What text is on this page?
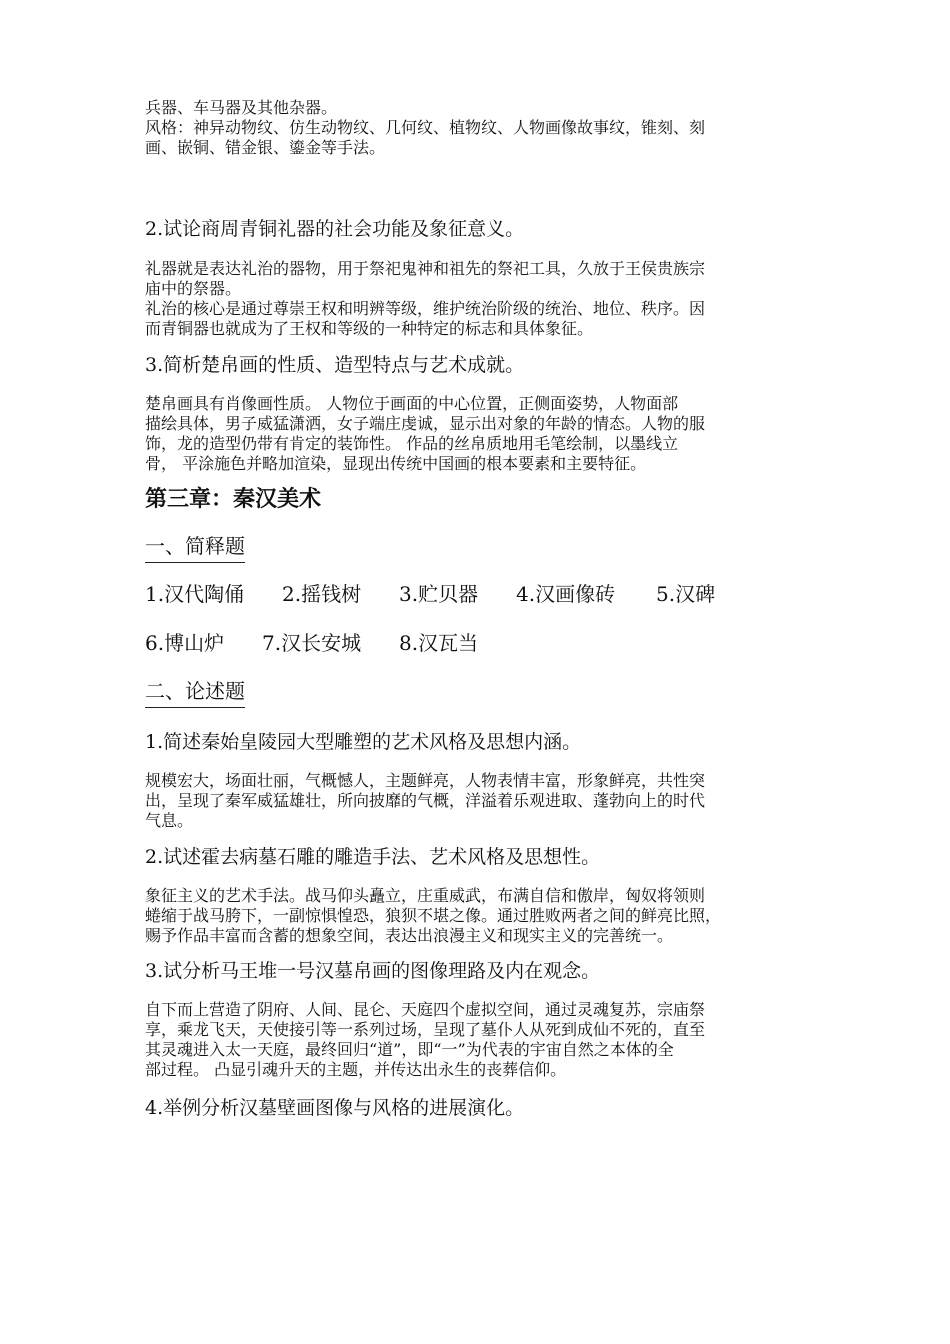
兵器、车马器及其他杂器。
风格：神异动物纹、仿生动物纹、几何纹、植物纹、人物画像故事纹，锥刻、刻
画、嵌铜、错金银、鎏金等手法。

2.试论商周青铜礼器的社会功能及象征意义。

礼器就是表达礼治的器物，用于祭祀鬼神和祖先的祭祀工具，久放于王侯贵族宗
庙中的祭器。
礼治的核心是通过尊崇王权和明辨等级，维护统治阶级的统治、地位、秩序。因
而青铜器也就成为了王权和等级的一种特定的标志和具体象征。

3.简析楚帛画的性质、造型特点与艺术成就。

楚帛画具有肖像画性质。 人物位于画面的中心位置，正侧面姿势，人物面部
描绘具体，男子威猛潇洒，女子端庄虔诚，显示出对象的年龄的情态。人物的服
饰，龙的造型仍带有肯定的装饰性。 作品的丝帛质地用毛笔绘制，以墨线立
骨， 平涂施色并略加渲染，显现出传统中国画的根本要素和主要特征。

第三章：秦汉美术

一、简释题

1.汉代陶俑 2.摇钱树 3.贮贝器 4.汉画像砖 5.汉碑

6.博山炉 7.汉长安城 8.汉瓦当

二、论述题

1.简述秦始皇陵园大型雕塑的艺术风格及思想内涵。

规模宏大，场面壮丽，气概憾人，主题鲜亮，人物表情丰富，形象鲜亮，共性突
出，呈现了秦军威猛雄壮，所向披靡的气概，洋溢着乐观进取、蓬勃向上的时代
气息。

2.试述霍去病墓石雕的雕造手法、艺术风格及思想性。

象征主义的艺术手法。战马仰头矗立，庄重威武，布满自信和傲岸，匈奴将领则
蜷缩于战马胯下，一副惊惧惶恐，狼狈不堪之像。通过胜败两者之间的鲜亮比照，
赐予作品丰富而含蓄的想象空间，表达出浪漫主义和现实主义的完善统一。

3.试分析马王堆一号汉墓帛画的图像理路及内在观念。

自下而上营造了阴府、人间、昆仑、天庭四个虚拟空间，通过灵魂复苏，宗庙祭
享，乘龙飞天，天使接引等一系列过场，呈现了墓仆人从死到成仙不死的，直至
其灵魂进入太一天庭，最终回归“道”，即“一”为代表的宇宙自然之本体的全
部过程。 凸显引魂升天的主题，并传达出永生的丧葬信仰。

4.举例分析汉墓壁画图像与风格的进展演化。
